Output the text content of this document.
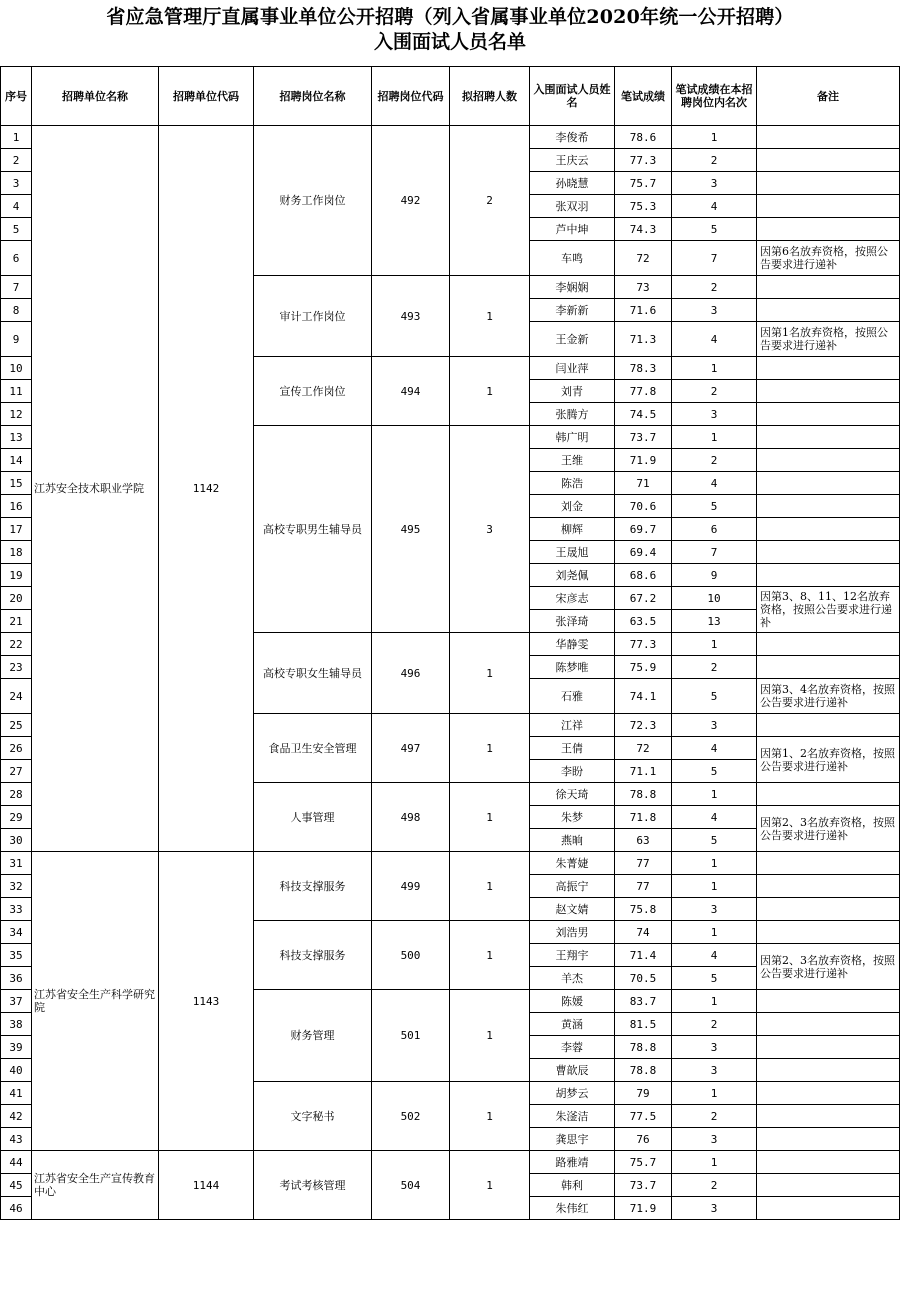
省应急管理厅直属事业单位公开招聘（列入省属事业单位2020年统一公开招聘）
入围面试人员名单
序号	招聘单位名称	招聘单位代码	招聘岗位名称	招聘岗位代码	拟招聘人数	入围面试人员姓名	笔试成绩	笔试成绩在本招聘岗位内名次	备注
1	江苏安全技术职业学院	1142	财务工作岗位	492	2	李俊希	78.6	1	
2						王庆云	77.3	2	
3						孙晓慧	75.7	3	
4						张双羽	75.3	4	
5						芦中坤	74.3	5	
6						车鸣	72	7	因第6名放弃资格，按照公告要求进行递补
7			审计工作岗位	493	1	李娴娴	73	2	
8						李新新	71.6	3	
9						王金新	71.3	4	因第1名放弃资格，按照公告要求进行递补
10			宣传工作岗位	494	1	闫业萍	78.3	1	
11						刘青	77.8	2	
12						张腾方	74.5	3	
13			高校专职男生辅导员	495	3	韩广明	73.7	1	
14						王维	71.9	2	
15						陈浩	71	4	
16						刘金	70.6	5	
17						柳辉	69.7	6	
18						王晟旭	69.4	7	
19						刘尧佩	68.6	9	
20						宋彦志	67.2	10	因第3、8、11、12名放弃资格，按照公告要求进行递补
21						张泽琦	63.5	13	
22			高校专职女生辅导员	496	1	华静雯	77.3	1	
23						陈梦唯	75.9	2	
24						石雅	74.1	5	因第3、4名放弃资格，按照公告要求进行递补
25			食品卫生安全管理	497	1	江祥	72.3	3	
26						王倩	72	4	因第1、2名放弃资格，按照公告要求进行递补
27						李盼	71.1	5	
28			人事管理	498	1	徐天琦	78.8	1	
29						朱梦	71.8	4	因第2、3名放弃资格，按照公告要求进行递补
30						燕晌	63	5	
31	江苏省安全生产科学研究院	1143	科技支撑服务	499	1	朱菁婕	77	1	
32						高振宁	77	1	
33						赵文婧	75.8	3	
34			科技支撑服务	500	1	刘浩男	74	1	
35						王翔宇	71.4	4	因第2、3名放弃资格，按照公告要求进行递补
36						羊杰	70.5	5	
37			财务管理	501	1	陈媛	83.7	1	
38						黄涵	81.5	2	
39						李蓉	78.8	3	
40						曹歆辰	78.8	3	
41			文字秘书	502	1	胡梦云	79	1	
42						朱滏洁	77.5	2	
43						龚思宇	76	3	
44	江苏省安全生产宣传教育中心	1144	考试考核管理	504	1	路雅靖	75.7	1	
45						韩利	73.7	2	
46						朱伟红	71.9	3	
